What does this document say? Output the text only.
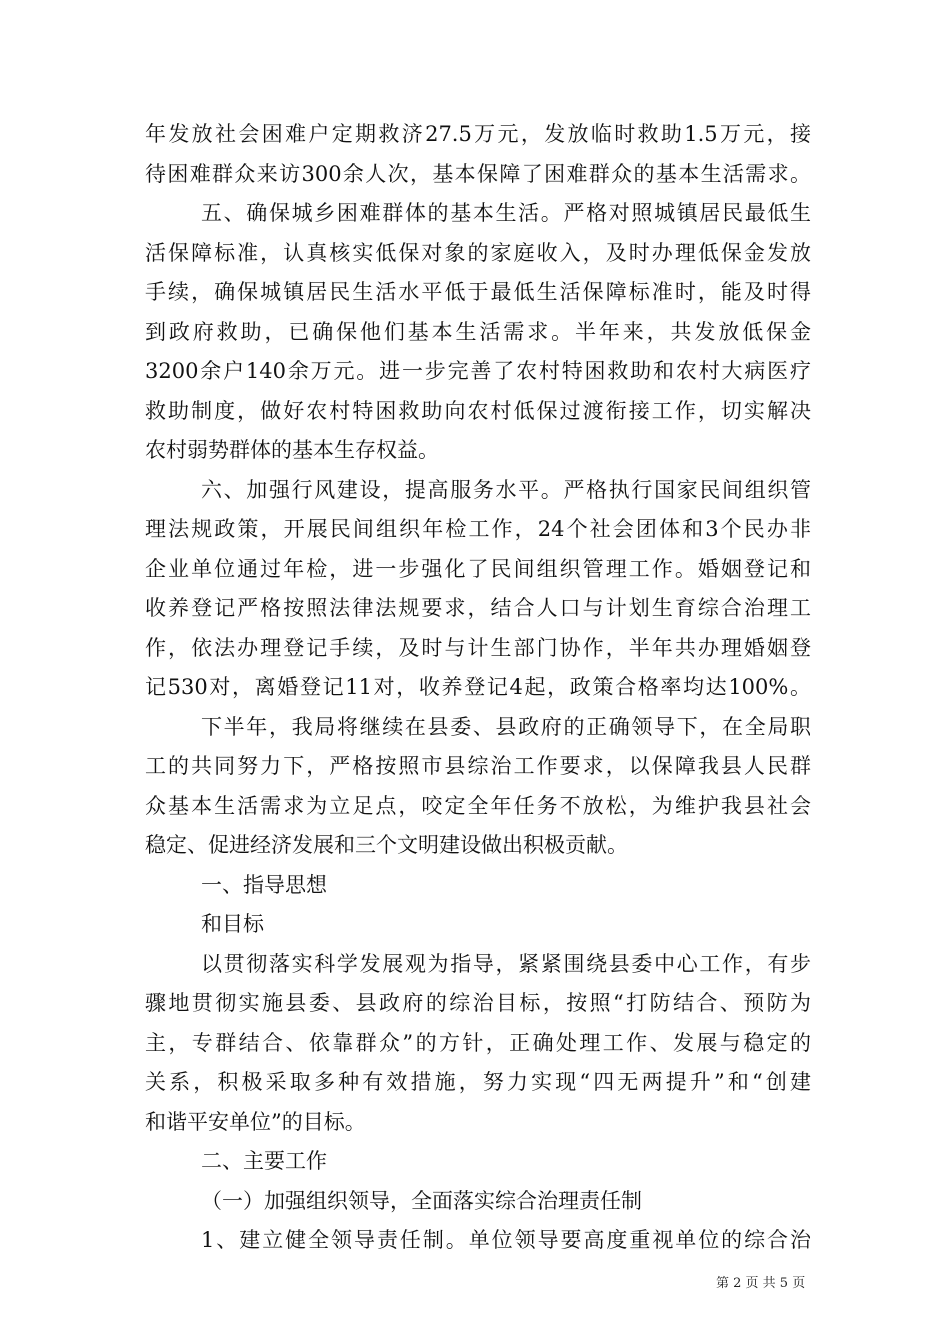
年发放社会困难户定期救济27.5万元，发放临时救助1.5万元，接
待困难群众来访300余人次，基本保障了困难群众的基本生活需求。
五、确保城乡困难群体的基本生活。严格对照城镇居民最低生
活保障标准，认真核实低保对象的家庭收入，及时办理低保金发放
手续，确保城镇居民生活水平低于最低生活保障标准时，能及时得
到政府救助，已确保他们基本生活需求。半年来，共发放低保金
3200余户140余万元。进一步完善了农村特困救助和农村大病医疗
救助制度，做好农村特困救助向农村低保过渡衔接工作，切实解决
农村弱势群体的基本生存权益。
六、加强行风建设，提高服务水平。严格执行国家民间组织管
理法规政策，开展民间组织年检工作，24个社会团体和3个民办非
企业单位通过年检，进一步强化了民间组织管理工作。婚姻登记和
收养登记严格按照法律法规要求，结合人口与计划生育综合治理工
作，依法办理登记手续，及时与计生部门协作，半年共办理婚姻登
记530对，离婚登记11对，收养登记4起，政策合格率均达100%。
下半年，我局将继续在县委、县政府的正确领导下，在全局职
工的共同努力下，严格按照市县综治工作要求，以保障我县人民群
众基本生活需求为立足点，咬定全年任务不放松，为维护我县社会
稳定、促进经济发展和三个文明建设做出积极贡献。
一、指导思想
和目标
以贯彻落实科学发展观为指导，紧紧围绕县委中心工作，有步
骤地贯彻实施县委、县政府的综治目标，按照“打防结合、预防为
主，专群结合、依靠群众”的方针，正确处理工作、发展与稳定的
关系，积极采取多种有效措施，努力实现“四无两提升”和“创建
和谐平安单位”的目标。
二、主要工作
（一）加强组织领导，全面落实综合治理责任制
1、建立健全领导责任制。单位领导要高度重视单位的综合治
第 2 页 共 5 页
